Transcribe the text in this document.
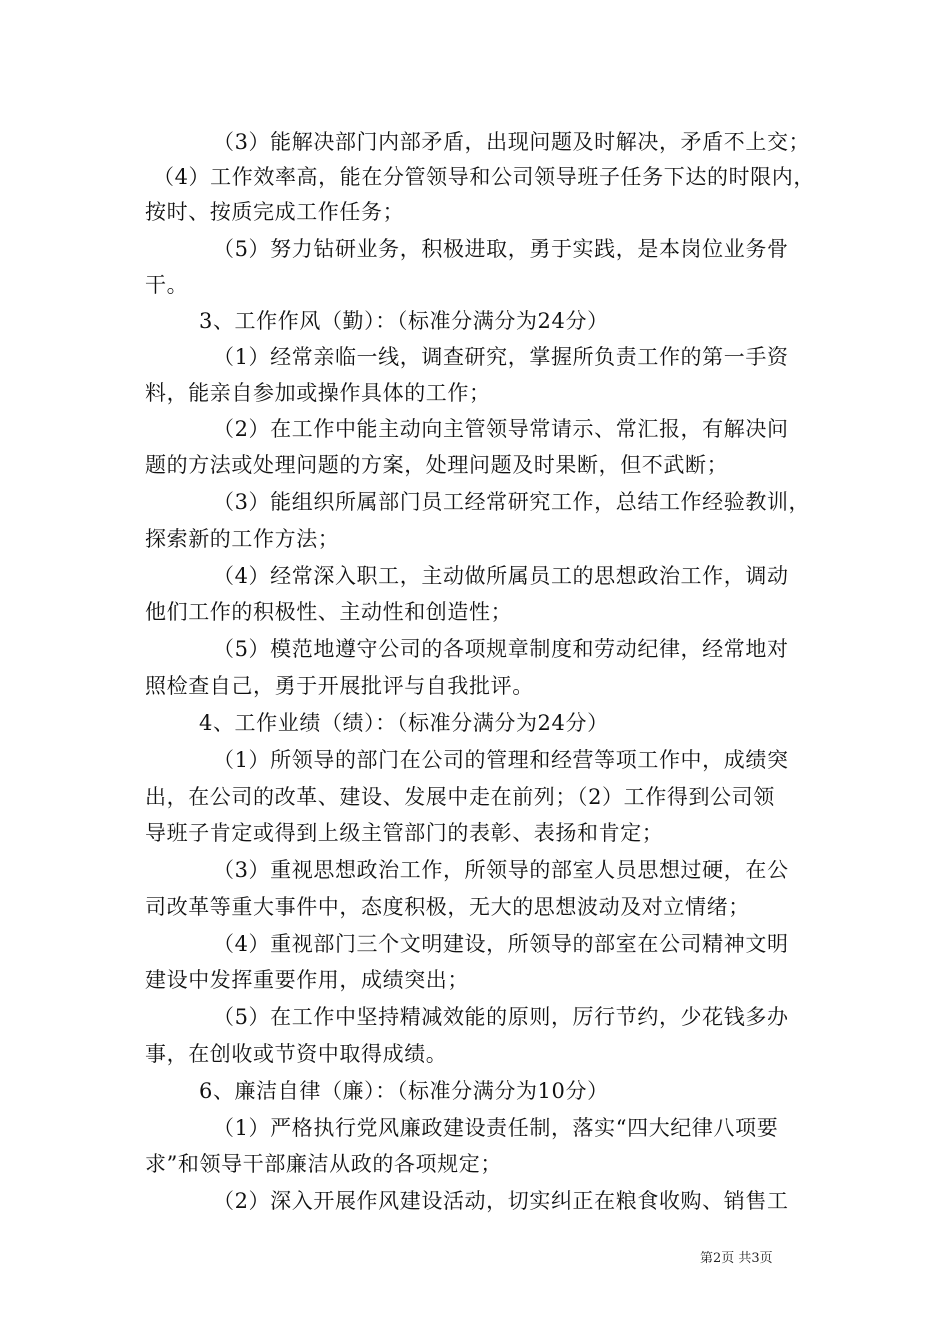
（3）能解决部门内部矛盾，出现问题及时解决，矛盾不上交；
（4）工作效率高，能在分管领导和公司领导班子任务下达的时限内，
按时、按质完成工作任务；
（5）努力钻研业务，积极进取，勇于实践，是本岗位业务骨
干。
3、工作作风（勤）：（标准分满分为24分）
（1）经常亲临一线，调查研究，掌握所负责工作的第一手资
料，能亲自参加或操作具体的工作；
（2）在工作中能主动向主管领导常请示、常汇报，有解决问
题的方法或处理问题的方案，处理问题及时果断，但不武断；
（3）能组织所属部门员工经常研究工作，总结工作经验教训，
探索新的工作方法；
（4）经常深入职工，主动做所属员工的思想政治工作，调动
他们工作的积极性、主动性和创造性；
（5）模范地遵守公司的各项规章制度和劳动纪律，经常地对
照检查自己，勇于开展批评与自我批评。
4、工作业绩（绩）：（标准分满分为24分）
（1）所领导的部门在公司的管理和经营等项工作中，成绩突
出，在公司的改革、建设、发展中走在前列；（2）工作得到公司领
导班子肯定或得到上级主管部门的表彰、表扬和肯定；
（3）重视思想政治工作，所领导的部室人员思想过硬，在公
司改革等重大事件中，态度积极，无大的思想波动及对立情绪；
（4）重视部门三个文明建设，所领导的部室在公司精神文明
建设中发挥重要作用，成绩突出；
（5）在工作中坚持精减效能的原则，厉行节约，少花钱多办
事，在创收或节资中取得成绩。
6、廉洁自律（廉）：（标准分满分为10分）
（1）严格执行党风廉政建设责任制，落实“四大纪律八项要
求”和领导干部廉洁从政的各项规定；
（2）深入开展作风建设活动，切实纠正在粮食收购、销售工
第2页 共3页
